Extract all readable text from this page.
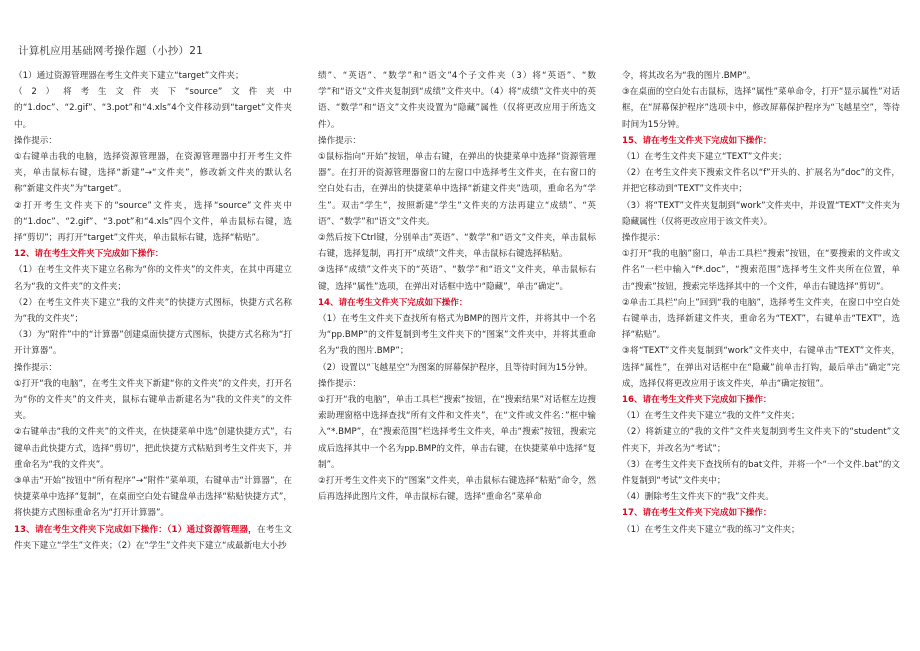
计算机应用基础网考操作题（小抄）21

（1）通过资源管理器在考生文件夹下建立“target”文件夹；

（2）将考生文件夹下“source”文件夹中的“1.doc”、“2.gif”、“3.pot”和“4.xls”4个文件移动到“target”文件夹中。

操作提示：

①右键单击我的电脑，选择资源管理器，在资源管理器中打开考生文件夹，单击鼠标右键，选择“新建”→“文件夹”，修改新文件夹的默认名称“新建文件夹”为“target”。

②打开考生文件夹下的“source”文件夹，选择“source”文件夹中的“1.doc”、“2.gif”、“3.pot”和“4.xls”四个文件，单击鼠标右键，选择“剪切”；再打开“target”文件夹，单击鼠标右键，选择“粘贴”。

12、请在考生文件夹下完成如下操作：

（1）在考生文件夹下建立名称为“你的文件夹”的文件夹，在其中再建立名为“我的文件夹”的文件夹；

（2）在考生文件夹下建立“我的文件夹”的快捷方式图标，快捷方式名称为“我的文件夹”；

（3）为“附件”中的“计算器”创建桌面快捷方式图标，快捷方式名称为“打开计算器”。

操作提示：

①打开“我的电脑”，在考生文件夹下新建“你的文件夹”的文件夹，打开名为“你的文件夹”的文件夹，鼠标右键单击新建名为“我的文件夹”的文件夹。

②右键单击“我的文件夹”的文件夹，在快捷菜单中选“创建快捷方式”，右键单击此快捷方式，选择“剪切”，把此快捷方式粘贴到考生文件夹下，并重命名为“我的文件夹”。

③单击“开始”按钮中“所有程序”→“附件”菜单项，右键单击“计算器”，在快捷菜单中选择“复制”，在桌面空白处右键盘单击选择“粘贴快捷方式”，将快捷方式图标重命名为“打开计算器”。

13、请在考生文件夹下完成如下操作：（1）通过资源管理器，在考生文件夹下建立“学生”文件夹；（2）在“学生”文件夹下建立“成最新电大小抄

绩”、“英语”、“数学”和“语文”4个子文件夹（3）将“英语”、“数学”和“语文”文件夹复制到“成绩”文件夹中。（4）将“成绩”文件夹中的英语、“数学”和“语文”文件夹设置为“隐藏”属性（仅将更改应用于所选文件）。

操作提示：

①鼠标指向“开始”按钮，单击右键，在弹出的快捷菜单中选择“资源管理器”。在打开的资源管理器窗口的左窗口中选择考生文件夹，在右窗口的空白处右击，在弹出的快捷菜单中选择“新建文件夹”选项，重命名为“学生”。双击“学生”，按照新建“学生”文件夹的方法再建立“成绩”、“英语”、“数学”和“语文”文件夹。

②然后按下Ctrl键，分别单击“英语”、“数学”和“语文”文件夹，单击鼠标右键，选择复制，再打开“成绩”文件夹，单击鼠标右键选择粘贴。

③选择“成绩”文件夹下的“英语”、“数学”和“语文”文件夹，单击鼠标右键，选择“属性”选项，在弹出对话框中选中“隐藏”，单击“确定”。

14、请在考生文件夹下完成如下操作：

（1）在考生文件夹下查找所有格式为BMP的图片文件，并将其中一个名为“pp.BMP”的文件复制到考生文件夹下的“图案”文件夹中，并将其重命名为“我的图片.BMP”；

（2）设置以“飞越星空”为图案的屏幕保护程序，且等待时间为15分钟。

操作提示：

①打开“我的电脑”，单击工具栏“搜索”按钮，在“搜索结果”对话框左边搜索助理窗格中选择查找“所有文件和文件夹”，在“文件或文件名：”框中输入“*.BMP”，在“搜索范围”栏选择考生文件夹，单击“搜索”按钮，搜索完成后选择其中一个名为pp.BMP的文件，单击右键，在快捷菜单中选择“复制”。

②打开考生文件夹下的“图案”文件夹，单击鼠标右键选择“粘贴”命令，然后再选择此图片文件，单击鼠标右键，选择“重命名”菜单命

令，将其改名为“我的图片.BMP”。

③在桌面的空白处右击鼠标，选择“属性”菜单命令，打开“显示属性”对话框，在“屏幕保护程序”选项卡中，修改屏幕保护程序为“飞越星空”，等待时间为15分钟。

15、请在考生文件夹下完成如下操作：

（1）在考生文件夹下建立“TEXT”文件夹；

（2）在考生文件夹下搜索文件名以“f”开头的、扩展名为“doc”的文件，并把它移动到“TEXT”文件夹中；

（3）将“TEXT”文件夹复制到“work”文件夹中，并设置“TEXT”文件夹为隐藏属性（仅将更改应用于该文件夹）。

操作提示：

①打开“我的电脑”窗口，单击工具栏“搜索”按钮，在“要搜索的文件或文件名”一栏中输入“f*.doc”，“搜索范围”选择考生文件夹所在位置，单击“搜索”按钮，搜索完毕选择其中的一个文件，单击右键选择“剪切”。

②单击工具栏“向上”回到“我的电脑”，选择考生文件夹，在窗口中空白处右键单击，选择新建文件夹，重命名为“TEXT”，右键单击“TEXT”，选择“粘贴”。

③将“TEXT”文件夹复制到“work”文件夹中，右键单击“TEXT”文件夹，选择“属性”，在弹出对话框中在“隐藏”前单击打钩，最后单击“确定”完成，选择仅将更改应用于该文件夹，单击“确定按钮”。

16、请在考生文件夹下完成如下操作：

（1）在考生文件夹下建立“我的文件”文件夹；

（2）将新建立的“我的文件”文件夹复制到考生文件夹下的“student”文件夹下，并改名为“考试”；

（3）在考生文件夹下查找所有的bat文件，并将一个“一个文件.bat”的文件复制到“考试”文件夹中；

（4）删除考生文件夹下的“我”文件夹。

17、请在考生文件夹下完成如下操作：

（1）在考生文件夹下建立“我的练习”文件夹；
